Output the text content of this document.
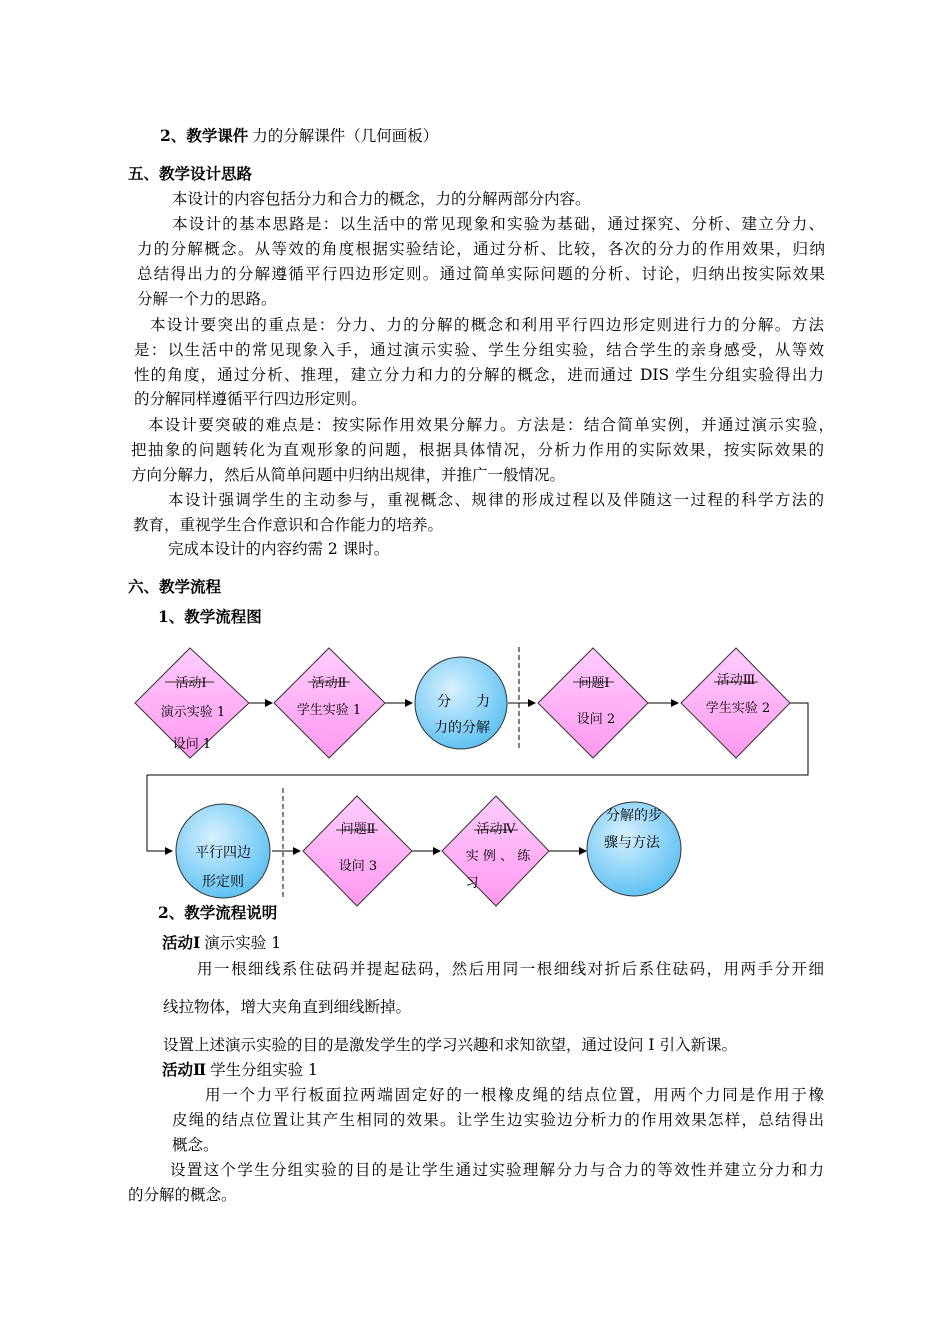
2、教学课件 力的分解课件（几何画板）
五、教学设计思路
本设计的内容包括分力和合力的概念，力的分解两部分内容。
本设计的基本思路是：以生活中的常见现象和实验为基础，通过探究、分析、建立分力、
力的分解概念。从等效的角度根据实验结论，通过分析、比较，各次的分力的作用效果，归纳
总结得出力的分解遵循平行四边形定则。通过简单实际问题的分析、讨论，归纳出按实际效果
分解一个力的思路。
本设计要突出的重点是：分力、力的分解的概念和利用平行四边形定则进行力的分解。方法
是：以生活中的常见现象入手，通过演示实验、学生分组实验，结合学生的亲身感受，从等效
性的角度，通过分析、推理，建立分力和力的分解的概念，进而通过 DIS 学生分组实验得出力
的分解同样遵循平行四边形定则。
本设计要突破的难点是：按实际作用效果分解力。方法是：结合简单实例，并通过演示实验，
把抽象的问题转化为直观形象的问题，根据具体情况，分析力作用的实际效果，按实际效果的
方向分解力，然后从简单问题中归纳出规律，并推广一般情况。
本设计强调学生的主动参与，重视概念、规律的形成过程以及伴随这一过程的科学方法的
教育，重视学生合作意识和合作能力的培养。
完成本设计的内容约需 2 课时。
六、教学流程
1、教学流程图
活动Ⅰ
演示实验 1
设问 1
活动Ⅱ
学生实验 1
分 力
力的分解
问题Ⅰ
设问 2
活动Ⅲ
学生实验 2
平行四边
形定则
问题Ⅱ
设问 3
活动Ⅳ
实 例 、 练
习
分解的步
骤与方法
2、教学流程说明
活动Ⅰ 演示实验 1
用一根细线系住砝码并提起砝码，然后用同一根细线对折后系住砝码，用两手分开细
线拉物体，增大夹角直到细线断掉。
设置上述演示实验的目的是激发学生的学习兴趣和求知欲望，通过设问 I 引入新课。
活动Ⅱ 学生分组实验 1
用一个力平行板面拉两端固定好的一根橡皮绳的结点位置，用两个力同是作用于橡
皮绳的结点位置让其产生相同的效果。让学生边实验边分析力的作用效果怎样，总结得出
概念。
设置这个学生分组实验的目的是让学生通过实验理解分力与合力的等效性并建立分力和力
的分解的概念。
